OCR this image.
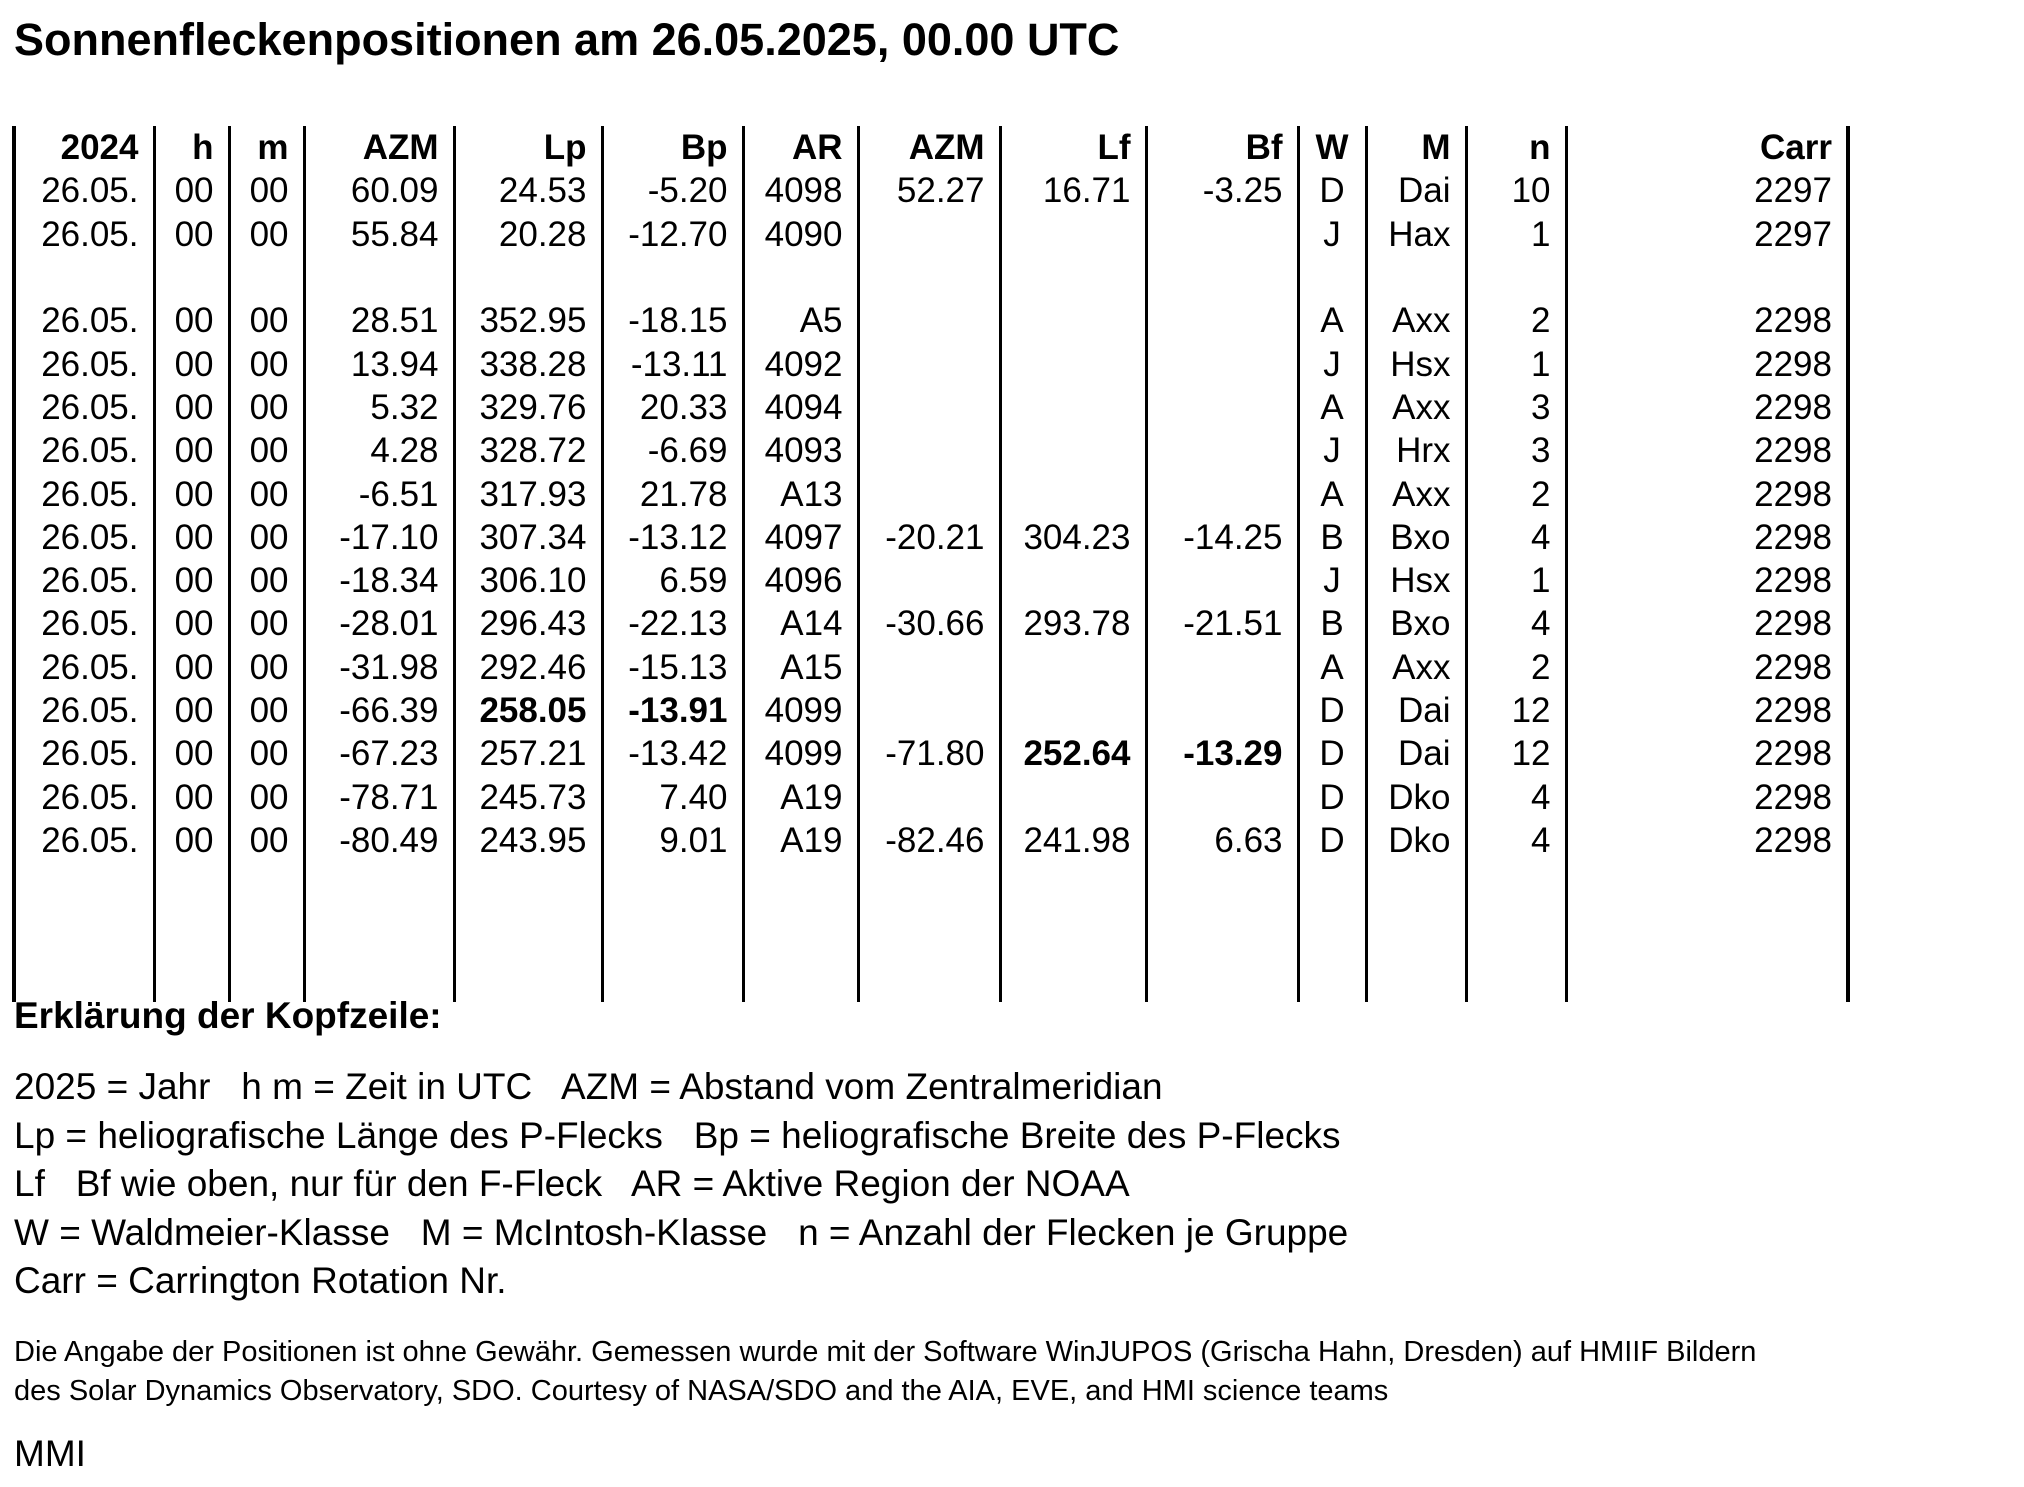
Sonnenfleckenpositionen am 26.05.2025, 00.00 UTC
2024	h	m	AZM	Lp	Bp	AR	AZM	Lf	Bf	W	M	n	Carr	
26.05.	00	00	60.09	24.53	-5.20	4098	52.27	16.71	-3.25	D	Dai	10	2297	
26.05.	00	00	55.84	20.28	-12.70	4090				J	Hax	1	2297	

26.05.	00	00	28.51	352.95	-18.15	A5				A	Axx	2	2298	
26.05.	00	00	13.94	338.28	-13.11	4092				J	Hsx	1	2298	
26.05.	00	00	5.32	329.76	20.33	4094				A	Axx	3	2298	
26.05.	00	00	4.28	328.72	-6.69	4093				J	Hrx	3	2298	
26.05.	00	00	-6.51	317.93	21.78	A13				A	Axx	2	2298	
26.05.	00	00	-17.10	307.34	-13.12	4097	-20.21	304.23	-14.25	B	Bxo	4	2298	
26.05.	00	00	-18.34	306.10	6.59	4096				J	Hsx	1	2298	
26.05.	00	00	-28.01	296.43	-22.13	A14	-30.66	293.78	-21.51	B	Bxo	4	2298	
26.05.	00	00	-31.98	292.46	-15.13	A15				A	Axx	2	2298	
26.05.	00	00	-66.39	258.05	-13.91	4099				D	Dai	12	2298	
26.05.	00	00	-67.23	257.21	-13.42	4099	-71.80	252.64	-13.29	D	Dai	12	2298	
26.05.	00	00	-78.71	245.73	7.40	A19				D	Dko	4	2298	
26.05.	00	00	-80.49	243.95	9.01	A19	-82.46	241.98	6.63	D	Dko	4	2298	

Erklärung der Kopfzeile:
2025 = Jahr   h m = Zeit in UTC   AZM = Abstand vom Zentralmeridian
Lp = heliografische Länge des P-Flecks   Bp = heliografische Breite des P-Flecks
Lf   Bf wie oben, nur für den F-Fleck   AR = Aktive Region der NOAA
W = Waldmeier-Klasse   M = McIntosh-Klasse   n = Anzahl der Flecken je Gruppe
Carr = Carrington Rotation Nr.
Die Angabe der Positionen ist ohne Gewähr. Gemessen wurde mit der Software WinJUPOS (Grischa Hahn, Dresden) auf HMIIF Bildern
des Solar Dynamics Observatory, SDO. Courtesy of NASA/SDO and the AIA, EVE, and HMI science teams
MMI
